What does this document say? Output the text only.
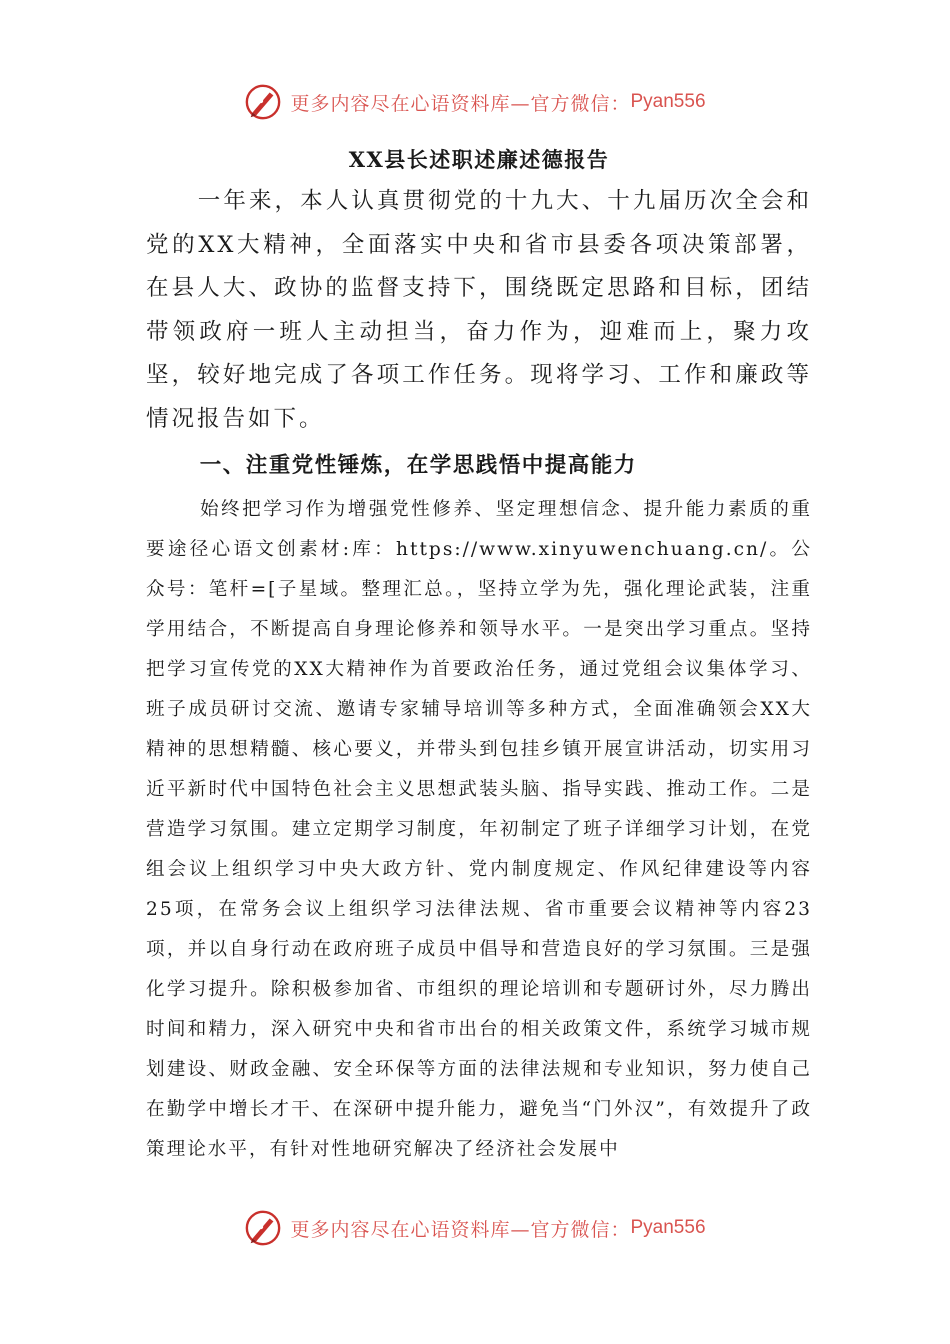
更多内容尽在心语资料库—官方微信： Pyan556
XX县长述职述廉述德报告

一年来，本人认真贯彻党的十九大、十九届历次全会和党的XX大精神，全面落实中央和省市县委各项决策部署，在县人大、政协的监督支持下，围绕既定思路和目标，团结带领政府一班人主动担当，奋力作为，迎难而上，聚力攻坚，较好地完成了各项工作任务。现将学习、工作和廉政等情况报告如下。

一、注重党性锤炼，在学思践悟中提高能力

始终把学习作为增强党性修养、坚定理想信念、提升能力素质的重要途径心语文创素材:库：https://www.xinyuwenchuang.cn/。公众号：笔杆=[子星域。整理汇总。，坚持立学为先，强化理论武装，注重学用结合，不断提高自身理论修养和领导水平。一是突出学习重点。坚持把学习宣传党的XX大精神作为首要政治任务，通过党组会议集体学习、班子成员研讨交流、邀请专家辅导培训等多种方式，全面准确领会XX大精神的思想精髓、核心要义，并带头到包挂乡镇开展宣讲活动，切实用习近平新时代中国特色社会主义思想武装头脑、指导实践、推动工作。二是营造学习氛围。建立定期学习制度，年初制定了班子详细学习计划，在党组会议上组织学习中央大政方针、党内制度规定、作风纪律建设等内容25项，在常务会议上组织学习法律法规、省市重要会议精神等内容23项，并以自身行动在政府班子成员中倡导和营造良好的学习氛围。三是强化学习提升。除积极参加省、市组织的理论培训和专题研讨外，尽力腾出时间和精力，深入研究中央和省市出台的相关政策文件，系统学习城市规划建设、财政金融、安全环保等方面的法律法规和专业知识，努力使自己在勤学中增长才干、在深研中提升能力，避免当“门外汉”，有效提升了政策理论水平，有针对性地研究解决了经济社会发展中

更多内容尽在心语资料库—官方微信： Pyan556
